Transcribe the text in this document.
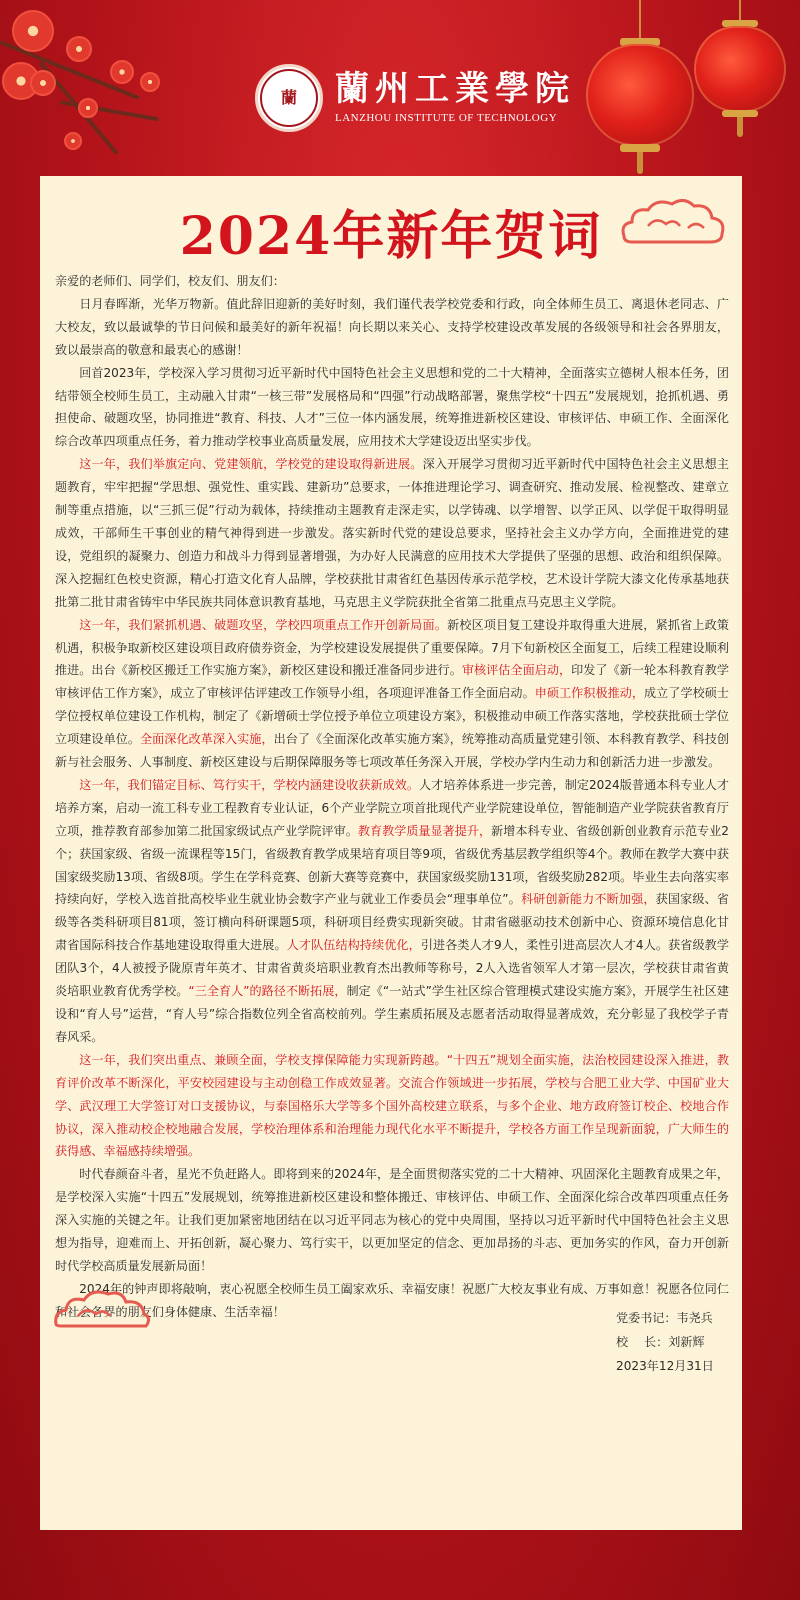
蘭	蘭州工業學院
LANZHOU INSTITUTE OF TECHNOLOGY
2024年新年贺词

亲爱的老师们、同学们，校友们、朋友们：

日月春晖渐，光华万物新。值此辞旧迎新的美好时刻，我们谨代表学校党委和行政，向全体师生员工、离退休老同志、广大校友，致以最诚挚的节日问候和最美好的新年祝福！向长期以来关心、支持学校建设改革发展的各级领导和社会各界朋友，致以最崇高的敬意和最衷心的感谢！

回首2023年，学校深入学习贯彻习近平新时代中国特色社会主义思想和党的二十大精神，全面落实立德树人根本任务，团结带领全校师生员工，主动融入甘肃“一核三带”发展格局和“四强”行动战略部署，聚焦学校“十四五”发展规划，抢抓机遇、勇担使命、破题攻坚，协同推进“教育、科技、人才”三位一体内涵发展，统筹推进新校区建设、审核评估、申硕工作、全面深化综合改革四项重点任务，着力推动学校事业高质量发展，应用技术大学建设迈出坚实步伐。

这一年，我们举旗定向、党建领航，学校党的建设取得新进展。深入开展学习贯彻习近平新时代中国特色社会主义思想主题教育，牢牢把握“学思想、强党性、重实践、建新功”总要求，一体推进理论学习、调查研究、推动发展、检视整改、建章立制等重点措施，以“三抓三促”行动为载体，持续推动主题教育走深走实，以学铸魂、以学增智、以学正风、以学促干取得明显成效，干部师生干事创业的精气神得到进一步激发。落实新时代党的建设总要求，坚持社会主义办学方向，全面推进党的建设，党组织的凝聚力、创造力和战斗力得到显著增强，为办好人民满意的应用技术大学提供了坚强的思想、政治和组织保障。深入挖掘红色校史资源，精心打造文化育人品牌，学校获批甘肃省红色基因传承示范学校，艺术设计学院大漆文化传承基地获批第二批甘肃省铸牢中华民族共同体意识教育基地，马克思主义学院获批全省第二批重点马克思主义学院。

这一年，我们紧抓机遇、破题攻坚，学校四项重点工作开创新局面。新校区项目复工建设并取得重大进展，紧抓省上政策机遇，积极争取新校区建设项目政府债券资金，为学校建设发展提供了重要保障。7月下旬新校区全面复工，后续工程建设顺利推进。出台《新校区搬迁工作实施方案》，新校区建设和搬迁准备同步进行。审核评估全面启动，印发了《新一轮本科教育教学审核评估工作方案》，成立了审核评估评建改工作领导小组，各项迎评准备工作全面启动。申硕工作积极推动，成立了学校硕士学位授权单位建设工作机构，制定了《新增硕士学位授予单位立项建设方案》，积极推动申硕工作落实落地，学校获批硕士学位立项建设单位。全面深化改革深入实施，出台了《全面深化改革实施方案》，统筹推动高质量党建引领、本科教育教学、科技创新与社会服务、人事制度、新校区建设与后期保障服务等七项改革任务深入开展，学校办学内生动力和创新活力进一步激发。

这一年，我们锚定目标、笃行实干，学校内涵建设收获新成效。人才培养体系进一步完善，制定2024版普通本科专业人才培养方案，启动一流工科专业工程教育专业认证，6个产业学院立项首批现代产业学院建设单位，智能制造产业学院获省教育厅立项，推荐教育部参加第二批国家级试点产业学院评审。教育教学质量显著提升，新增本科专业、省级创新创业教育示范专业2个；获国家级、省级一流课程等15门，省级教育教学成果培育项目等9项，省级优秀基层教学组织等4个。教师在教学大赛中获国家级奖励13项、省级8项。学生在学科竞赛、创新大赛等竞赛中，获国家级奖励131项，省级奖励282项。毕业生去向落实率持续向好，学校入选首批高校毕业生就业协会数字产业与就业工作委员会“理事单位”。科研创新能力不断加强，获国家级、省级等各类科研项目81项，签订横向科研课题5项，科研项目经费实现新突破。甘肃省磁驱动技术创新中心、资源环境信息化甘肃省国际科技合作基地建设取得重大进展。人才队伍结构持续优化，引进各类人才9人，柔性引进高层次人才4人。获省级教学团队3个，4人被授予陇原青年英才、甘肃省黄炎培职业教育杰出教师等称号，2人入选省领军人才第一层次，学校获甘肃省黄炎培职业教育优秀学校。“三全育人”的路径不断拓展，制定《“一站式”学生社区综合管理模式建设实施方案》，开展学生社区建设和“育人号”运营，“育人号”综合指数位列全省高校前列。学生素质拓展及志愿者活动取得显著成效，充分彰显了我校学子青春风采。

这一年，我们突出重点、兼顾全面，学校支撑保障能力实现新跨越。“十四五”规划全面实施，法治校园建设深入推进，教育评价改革不断深化，平安校园建设与主动创稳工作成效显著。交流合作领域进一步拓展，学校与合肥工业大学、中国矿业大学、武汉理工大学签订对口支援协议，与泰国格乐大学等多个国外高校建立联系，与多个企业、地方政府签订校企、校地合作协议，深入推动校企校地融合发展，学校治理体系和治理能力现代化水平不断提升，学校各方面工作呈现新面貌，广大师生的获得感、幸福感持续增强。

时代春颜奋斗者，星光不负赶路人。即将到来的2024年，是全面贯彻落实党的二十大精神、巩固深化主题教育成果之年，是学校深入实施“十四五”发展规划，统筹推进新校区建设和整体搬迁、审核评估、申硕工作、全面深化综合改革四项重点任务深入实施的关键之年。让我们更加紧密地团结在以习近平同志为核心的党中央周围，坚持以习近平新时代中国特色社会主义思想为指导，迎难而上、开拓创新，凝心聚力、笃行实干，以更加坚定的信念、更加昂扬的斗志、更加务实的作风，奋力开创新时代学校高质量发展新局面！

2024年的钟声即将敲响，衷心祝愿全校师生员工阖家欢乐、幸福安康！祝愿广大校友事业有成、万事如意！祝愿各位同仁和社会各界的朋友们身体健康、生活幸福！	党委书记：韦尧兵
校　 长：刘新辉
2023年12月31日
